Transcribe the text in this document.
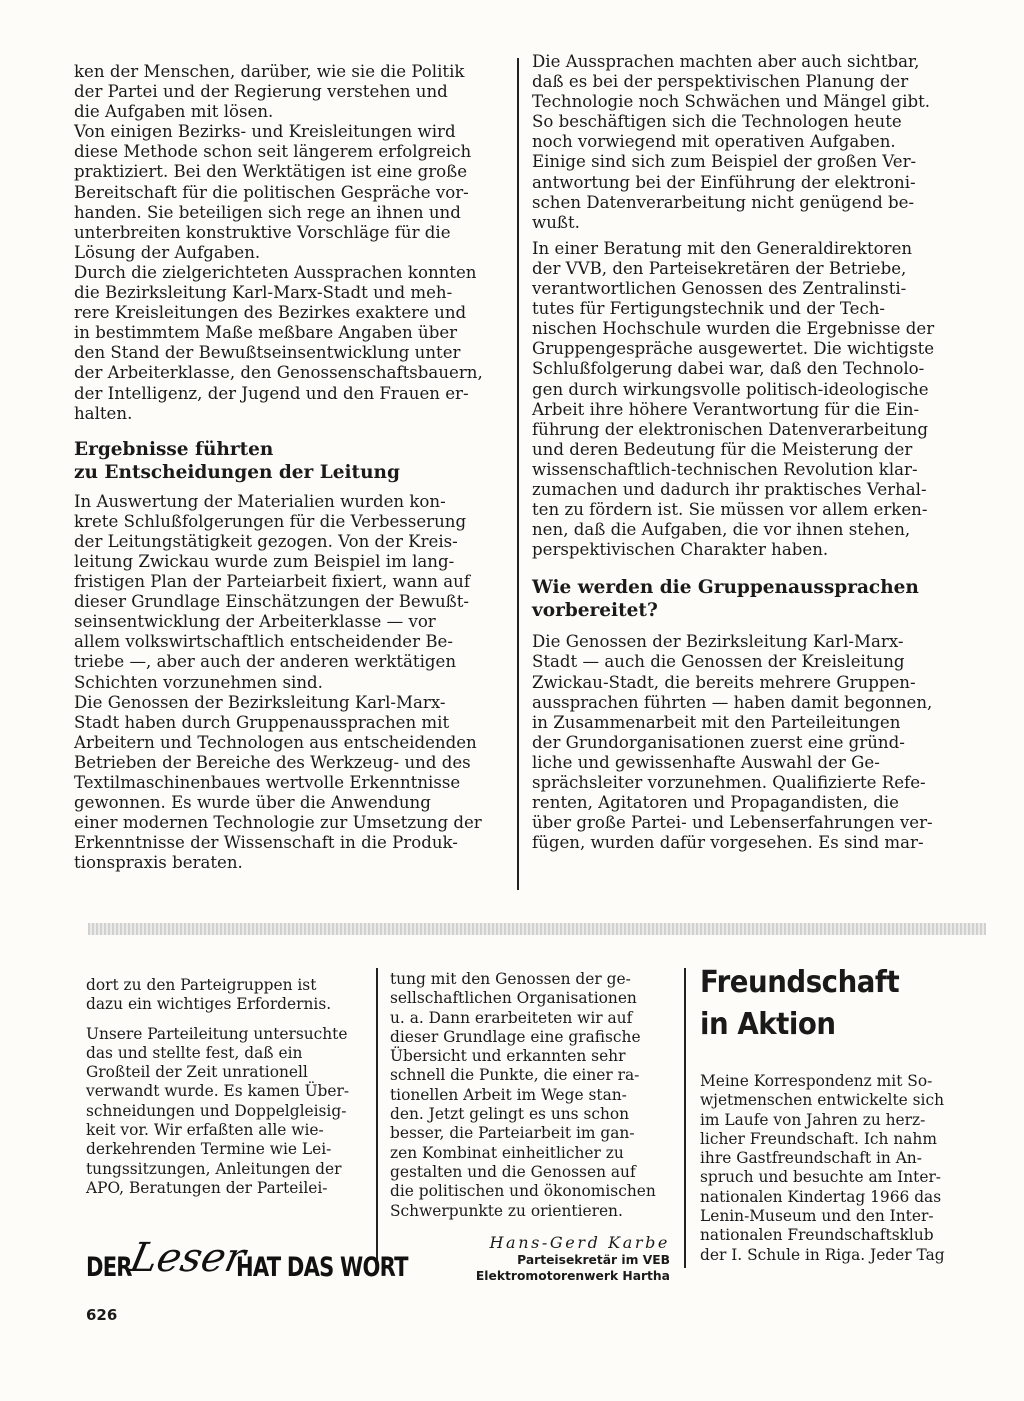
ken der Menschen, darüber, wie sie die Politik
der Partei und der Regierung verstehen und
die Aufgaben mit lösen.

Von einigen Bezirks- und Kreisleitungen wird
diese Methode schon seit längerem erfolgreich
praktiziert. Bei den Werktätigen ist eine große
Bereitschaft für die politischen Gespräche vor-
handen. Sie beteiligen sich rege an ihnen und
unterbreiten konstruktive Vorschläge für die
Lösung der Aufgaben.

Durch die zielgerichteten Aussprachen konnten
die Bezirksleitung Karl-Marx-Stadt und meh-
rere Kreisleitungen des Bezirkes exaktere und
in bestimmtem Maße meßbare Angaben über
den Stand der Bewußtseinsentwicklung unter
der Arbeiterklasse, den Genossenschaftsbauern,
der Intelligenz, der Jugend und den Frauen er-
halten.

Ergebnisse führten
zu Entscheidungen der Leitung

In Auswertung der Materialien wurden kon-
krete Schlußfolgerungen für die Verbesserung
der Leitungstätigkeit gezogen. Von der Kreis-
leitung Zwickau wurde zum Beispiel im lang-
fristigen Plan der Parteiarbeit fixiert, wann auf
dieser Grundlage Einschätzungen der Bewußt-
seinsentwicklung der Arbeiterklasse — vor
allem volkswirtschaftlich entscheidender Be-
triebe —, aber auch der anderen werktätigen
Schichten vorzunehmen sind.

Die Genossen der Bezirksleitung Karl-Marx-
Stadt haben durch Gruppenaussprachen mit
Arbeitern und Technologen aus entscheidenden
Betrieben der Bereiche des Werkzeug- und des
Textilmaschinenbaues wertvolle Erkenntnisse
gewonnen. Es wurde über die Anwendung
einer modernen Technologie zur Umsetzung der
Erkenntnisse der Wissenschaft in die Produk-
tionspraxis beraten.

Die Aussprachen machten aber auch sichtbar,
daß es bei der perspektivischen Planung der
Technologie noch Schwächen und Mängel gibt.
So beschäftigen sich die Technologen heute
noch vorwiegend mit operativen Aufgaben.
Einige sind sich zum Beispiel der großen Ver-
antwortung bei der Einführung der elektroni-
schen Datenverarbeitung nicht genügend be-
wußt.

In einer Beratung mit den Generaldirektoren
der VVB, den Parteisekretären der Betriebe,
verantwortlichen Genossen des Zentralinsti-
tutes für Fertigungstechnik und der Tech-
nischen Hochschule wurden die Ergebnisse der
Gruppengespräche ausgewertet. Die wichtigste
Schlußfolgerung dabei war, daß den Technolo-
gen durch wirkungsvolle politisch-ideologische
Arbeit ihre höhere Verantwortung für die Ein-
führung der elektronischen Datenverarbeitung
und deren Bedeutung für die Meisterung der
wissenschaftlich-technischen Revolution klar-
zumachen und dadurch ihr praktisches Verhal-
ten zu fördern ist. Sie müssen vor allem erken-
nen, daß die Aufgaben, die vor ihnen stehen,
perspektivischen Charakter haben.

Wie werden die Gruppenaussprachen
vorbereitet?

Die Genossen der Bezirksleitung Karl-Marx-
Stadt — auch die Genossen der Kreisleitung
Zwickau-Stadt, die bereits mehrere Gruppen-
aussprachen führten — haben damit begonnen,
in Zusammenarbeit mit den Parteileitungen
der Grundorganisationen zuerst eine gründ-
liche und gewissenhafte Auswahl der Ge-
sprächsleiter vorzunehmen. Qualifizierte Refe-
renten, Agitatoren und Propagandisten, die
über große Partei- und Lebenserfahrungen ver-
fügen, wurden dafür vorgesehen. Es sind mar-

dort zu den Parteigruppen ist
dazu ein wichtiges Erfordernis.

Unsere Parteileitung untersuchte
das und stellte fest, daß ein
Großteil der Zeit unrationell
verwandt wurde. Es kamen Über-
schneidungen und Doppelgleisig-
keit vor. Wir erfaßten alle wie-
derkehrenden Termine wie Lei-
tungssitzungen, Anleitungen der
APO, Beratungen der Parteilei-

tung mit den Genossen der ge-
sellschaftlichen Organisationen
u. a. Dann erarbeiteten wir auf
dieser Grundlage eine grafische
Übersicht und erkannten sehr
schnell die Punkte, die einer ra-
tionellen Arbeit im Wege stan-
den. Jetzt gelingt es uns schon
besser, die Parteiarbeit im gan-
zen Kombinat einheitlicher zu
gestalten und die Genossen auf
die politischen und ökonomischen
Schwerpunkte zu orientieren.

Hans-Gerd Karbe

Parteisekretär im VEB
Elektromotorenwerk Hartha

Freundschaft
in Aktion

Meine Korrespondenz mit So-
wjetmenschen entwickelte sich
im Laufe von Jahren zu herz-
licher Freundschaft. Ich nahm
ihre Gastfreundschaft in An-
spruch und besuchte am Inter-
nationalen Kindertag 1966 das
Lenin-Museum und den Inter-
nationalen Freundschaftsklub
der I. Schule in Riga. Jeder Tag

DER
Leser
HAT DAS WORT
626
